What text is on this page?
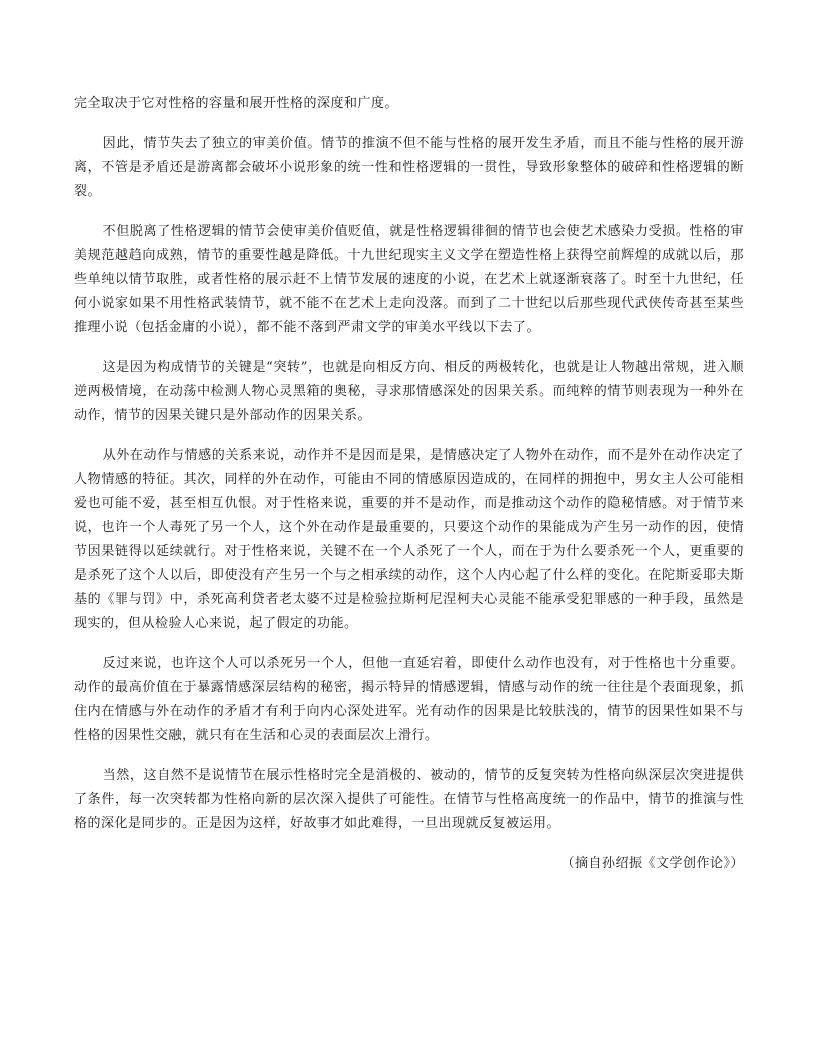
完全取决于它对性格的容量和展开性格的深度和广度。

因此，情节失去了独立的审美价值。情节的推演不但不能与性格的展开发生矛盾，而且不能与性格的展开游离，不管是矛盾还是游离都会破坏小说形象的统一性和性格逻辑的一贯性，导致形象整体的破碎和性格逻辑的断裂。

不但脱离了性格逻辑的情节会使审美价值贬值，就是性格逻辑徘徊的情节也会使艺术感染力受损。性格的审美规范越趋向成熟，情节的重要性越是降低。十九世纪现实主义文学在塑造性格上获得空前辉煌的成就以后，那些单纯以情节取胜，或者性格的展示赶不上情节发展的速度的小说，在艺术上就逐渐衰落了。时至十九世纪，任何小说家如果不用性格武装情节，就不能不在艺术上走向没落。而到了二十世纪以后那些现代武侠传奇甚至某些推理小说（包括金庸的小说），都不能不落到严肃文学的审美水平线以下去了。

这是因为构成情节的关键是“突转”，也就是向相反方向、相反的两极转化，也就是让人物越出常规，进入顺逆两极情境，在动荡中检测人物心灵黑箱的奥秘，寻求那情感深处的因果关系。而纯粹的情节则表现为一种外在动作，情节的因果关键只是外部动作的因果关系。

从外在动作与情感的关系来说，动作并不是因而是果，是情感决定了人物外在动作，而不是外在动作决定了人物情感的特征。其次，同样的外在动作，可能由不同的情感原因造成的，在同样的拥抱中，男女主人公可能相爱也可能不爱，甚至相互仇恨。对于性格来说，重要的并不是动作，而是推动这个动作的隐秘情感。对于情节来说，也许一个人毒死了另一个人，这个外在动作是最重要的，只要这个动作的果能成为产生另一动作的因，使情节因果链得以延续就行。对于性格来说，关键不在一个人杀死了一个人，而在于为什么要杀死一个人，更重要的是杀死了这个人以后，即使没有产生另一个与之相承续的动作，这个人内心起了什么样的变化。在陀斯妥耶夫斯基的《罪与罚》中，杀死高利贷者老太婆不过是检验拉斯柯尼涅柯夫心灵能不能承受犯罪感的一种手段，虽然是现实的，但从检验人心来说，起了假定的功能。

反过来说，也许这个人可以杀死另一个人，但他一直延宕着，即使什么动作也没有，对于性格也十分重要。动作的最高价值在于暴露情感深层结构的秘密，揭示特异的情感逻辑，情感与动作的统一往往是个表面现象，抓住内在情感与外在动作的矛盾才有利于向内心深处进军。光有动作的因果是比较肤浅的，情节的因果性如果不与性格的因果性交融，就只有在生活和心灵的表面层次上滑行。

当然，这自然不是说情节在展示性格时完全是消极的、被动的，情节的反复突转为性格向纵深层次突进提供了条件，每一次突转都为性格向新的层次深入提供了可能性。在情节与性格高度统一的作品中，情节的推演与性格的深化是同步的。正是因为这样，好故事才如此难得，一旦出现就反复被运用。

（摘自孙绍振《文学创作论》）
